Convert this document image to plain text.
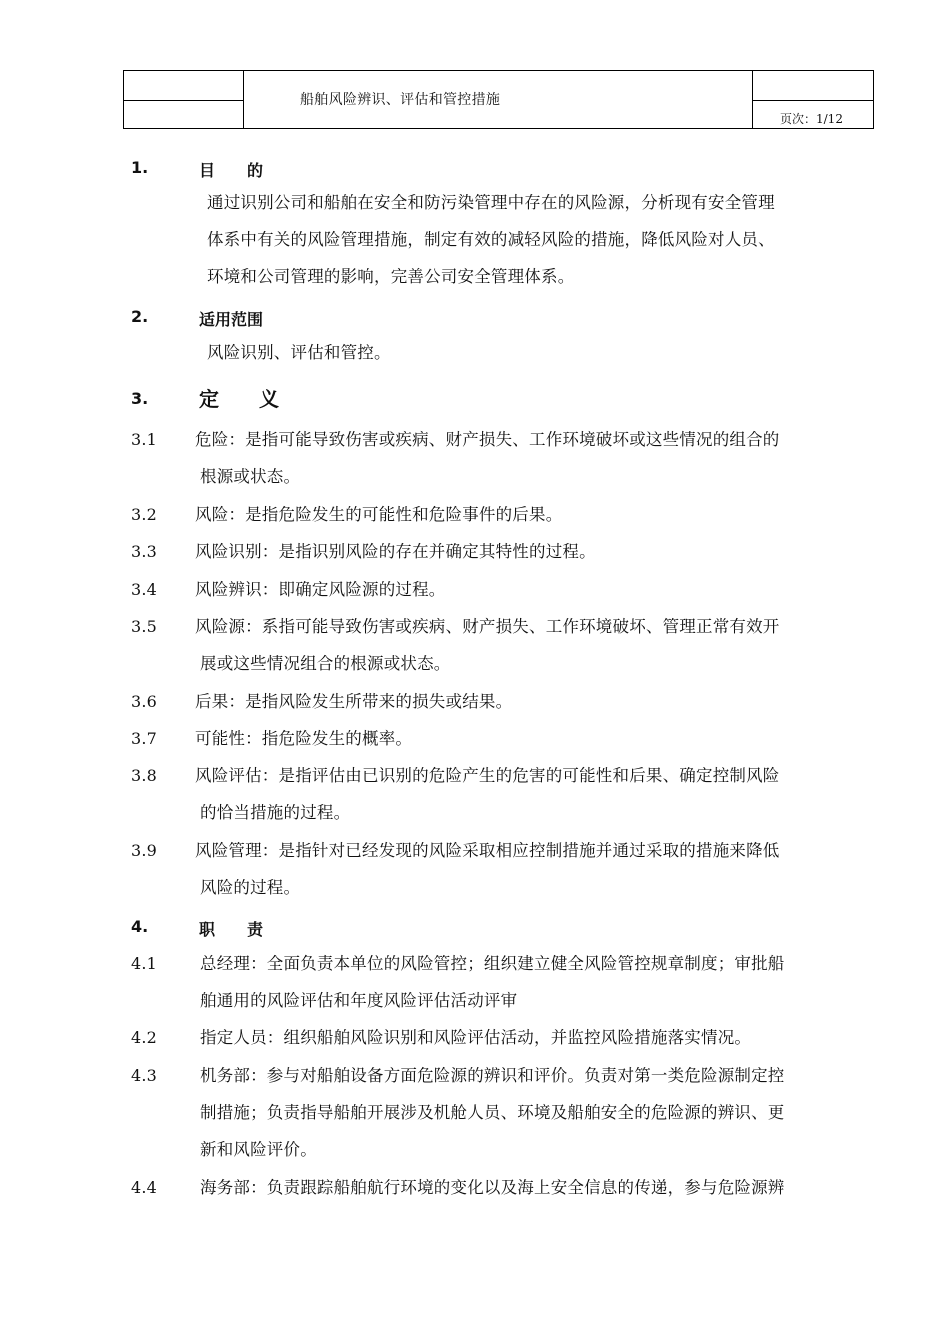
船舶风险辨识、评估和管控措施
页次：1/12
1.	目　　的
通过识别公司和船舶在安全和防污染管理中存在的风险源，分析现有安全管理
体系中有关的风险管理措施，制定有效的减轻风险的措施，降低风险对人员、
环境和公司管理的影响，完善公司安全管理体系。
2.	适用范围
风险识别、评估和管控。
3.	定　　义
3.1	危险：是指可能导致伤害或疾病、财产损失、工作环境破坏或这些情况的组合的
根源或状态。
3.2	风险：是指危险发生的可能性和危险事件的后果。
3.3	风险识别：是指识别风险的存在并确定其特性的过程。
3.4	风险辨识：即确定风险源的过程。
3.5	风险源：系指可能导致伤害或疾病、财产损失、工作环境破坏、管理正常有效开
展或这些情况组合的根源或状态。
3.6	后果：是指风险发生所带来的损失或结果。
3.7	可能性：指危险发生的概率。
3.8	风险评估：是指评估由已识别的危险产生的危害的可能性和后果、确定控制风险
的恰当措施的过程。
3.9	风险管理：是指针对已经发现的风险采取相应控制措施并通过采取的措施来降低
风险的过程。
4.	职　　责
4.1	总经理：全面负责本单位的风险管控；组织建立健全风险管控规章制度；审批船
舶通用的风险评估和年度风险评估活动评审
4.2	指定人员：组织船舶风险识别和风险评估活动，并监控风险措施落实情况。
4.3	机务部：参与对船舶设备方面危险源的辨识和评价。负责对第一类危险源制定控
制措施；负责指导船舶开展涉及机舱人员、环境及船舶安全的危险源的辨识、更
新和风险评价。
4.4	海务部：负责跟踪船舶航行环境的变化以及海上安全信息的传递，参与危险源辨
